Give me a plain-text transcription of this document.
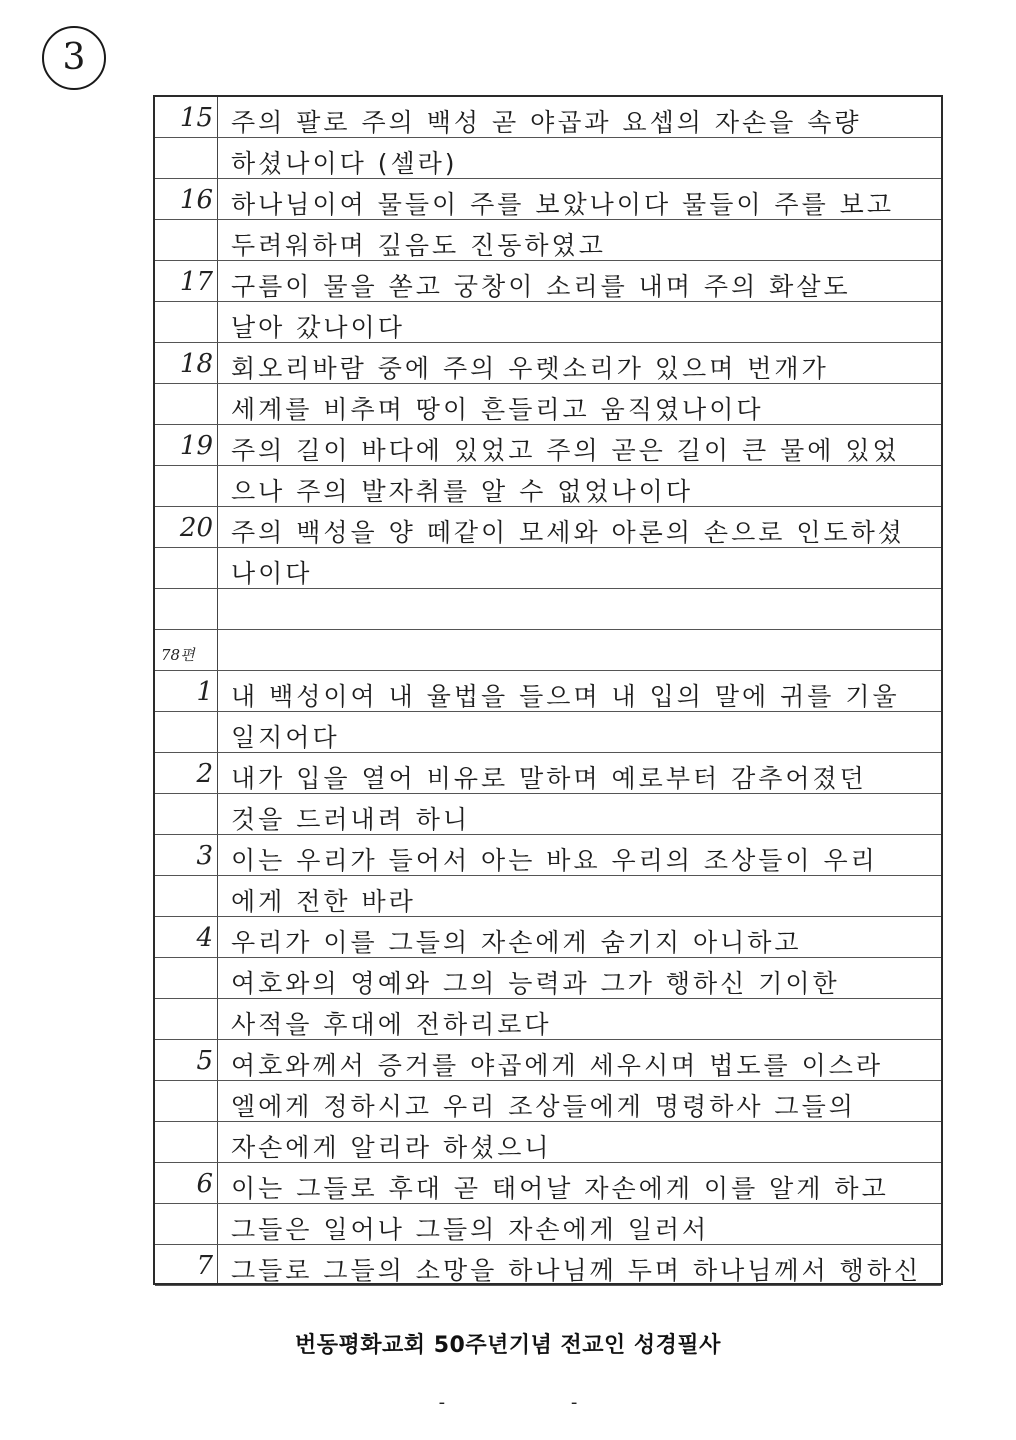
3
15 주의 팔로 주의 백성 곧 야곱과 요셉의 자손을 속량
하셨나이다 (셀라)
16 하나님이여 물들이 주를 보았나이다 물들이 주를 보고
두려워하며 깊음도 진동하였고
17 구름이 물을 쏟고 궁창이 소리를 내며 주의 화살도
날아 갔나이다
18 회오리바람 중에 주의 우렛소리가 있으며 번개가
세계를 비추며 땅이 흔들리고 움직였나이다
19 주의 길이 바다에 있었고 주의 곧은 길이 큰 물에 있었
으나 주의 발자취를 알 수 없었나이다
20 주의 백성을 양 떼같이 모세와 아론의 손으로 인도하셨
나이다
78편
1 내 백성이여 내 율법을 들으며 내 입의 말에 귀를 기울
일지어다
2 내가 입을 열어 비유로 말하며 예로부터 감추어졌던
것을 드러내려 하니
3 이는 우리가 들어서 아는 바요 우리의 조상들이 우리
에게 전한 바라
4 우리가 이를 그들의 자손에게 숨기지 아니하고
여호와의 영예와 그의 능력과 그가 행하신 기이한
사적을 후대에 전하리로다
5 여호와께서 증거를 야곱에게 세우시며 법도를 이스라
엘에게 정하시고 우리 조상들에게 명령하사 그들의
자손에게 알리라 하셨으니
6 이는 그들로 후대 곧 태어날 자손에게 이를 알게 하고
그들은 일어나 그들의 자손에게 일러서
7 그들로 그들의 소망을 하나님께 두며 하나님께서 행하신
번동평화교회 50주년기념 전교인 성경필사
- -
